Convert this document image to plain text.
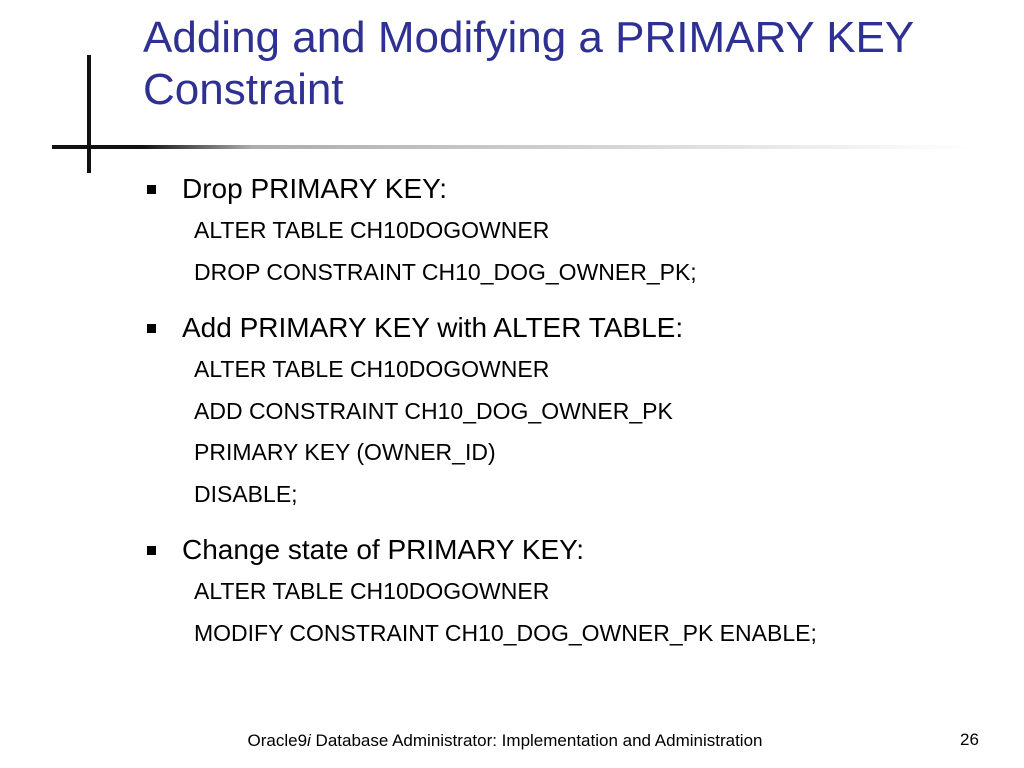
Adding and Modifying a PRIMARY KEY Constraint
Drop PRIMARY KEY:
ALTER TABLE CH10DOGOWNER
DROP CONSTRAINT CH10_DOG_OWNER_PK;
Add PRIMARY KEY with ALTER TABLE:
ALTER TABLE CH10DOGOWNER
ADD CONSTRAINT CH10_DOG_OWNER_PK
PRIMARY KEY (OWNER_ID)
DISABLE;
Change state of PRIMARY KEY:
ALTER TABLE CH10DOGOWNER
MODIFY CONSTRAINT CH10_DOG_OWNER_PK ENABLE;
Oracle9i Database Administrator: Implementation and Administration	26
